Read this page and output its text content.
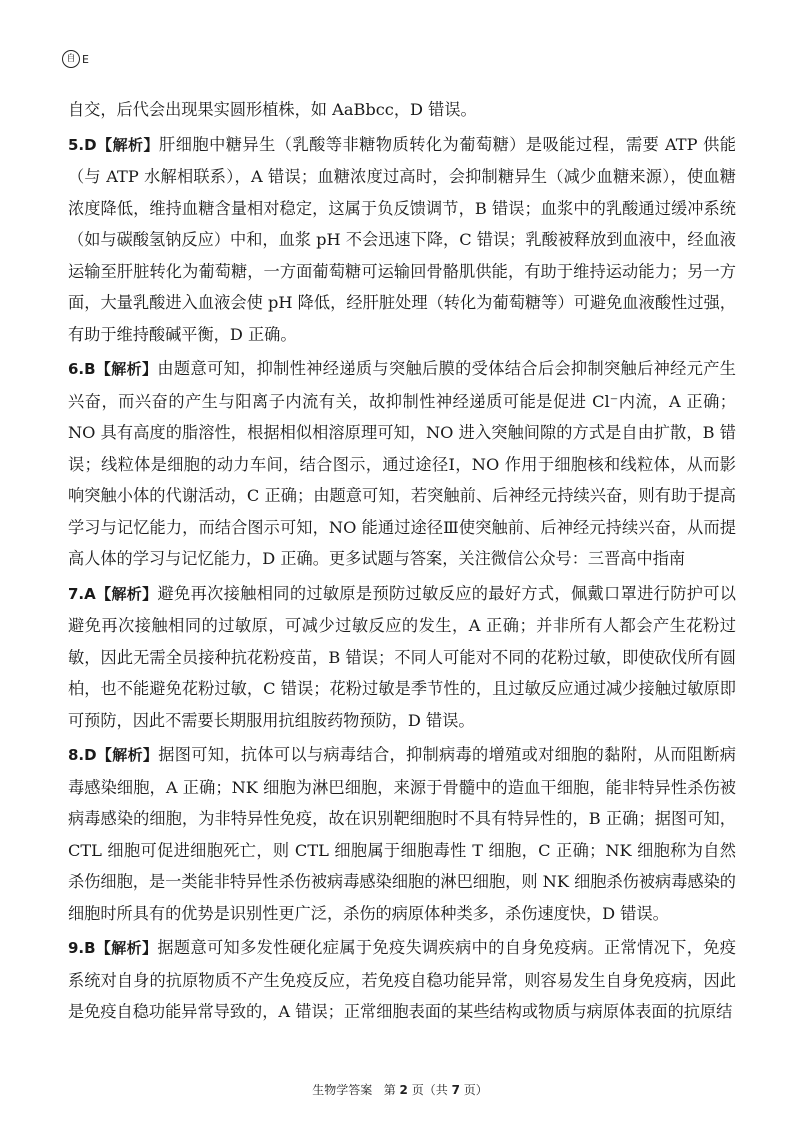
自 E

自交，后代会出现果实圆形植株，如 AaBbcc，D 错误。

5.D【解析】肝细胞中糖异生（乳酸等非糖物质转化为葡萄糖）是吸能过程，需要 ATP 供能（与 ATP 水解相联系），A 错误；血糖浓度过高时，会抑制糖异生（减少血糖来源），使血糖浓度降低，维持血糖含量相对稳定，这属于负反馈调节，B 错误；血浆中的乳酸通过缓冲系统（如与碳酸氢钠反应）中和，血浆 pH 不会迅速下降，C 错误；乳酸被释放到血液中，经血液运输至肝脏转化为葡萄糖，一方面葡萄糖可运输回骨骼肌供能，有助于维持运动能力；另一方面，大量乳酸进入血液会使 pH 降低，经肝脏处理（转化为葡萄糖等）可避免血液酸性过强，有助于维持酸碱平衡，D 正确。

6.B【解析】由题意可知，抑制性神经递质与突触后膜的受体结合后会抑制突触后神经元产生兴奋，而兴奋的产生与阳离子内流有关，故抑制性神经递质可能是促进 Cl⁻内流，A 正确；NO 具有高度的脂溶性，根据相似相溶原理可知，NO 进入突触间隙的方式是自由扩散，B 错误；线粒体是细胞的动力车间，结合图示，通过途径Ⅰ，NO 作用于细胞核和线粒体，从而影响突触小体的代谢活动，C 正确；由题意可知，若突触前、后神经元持续兴奋，则有助于提高学习与记忆能力，而结合图示可知，NO 能通过途径Ⅲ使突触前、后神经元持续兴奋，从而提高人体的学习与记忆能力，D 正确。更多试题与答案，关注微信公众号：三晋高中指南

7.A【解析】避免再次接触相同的过敏原是预防过敏反应的最好方式，佩戴口罩进行防护可以避免再次接触相同的过敏原，可减少过敏反应的发生，A 正确；并非所有人都会产生花粉过敏，因此无需全员接种抗花粉疫苗，B 错误；不同人可能对不同的花粉过敏，即使砍伐所有圆柏，也不能避免花粉过敏，C 错误；花粉过敏是季节性的，且过敏反应通过减少接触过敏原即可预防，因此不需要长期服用抗组胺药物预防，D 错误。

8.D【解析】据图可知，抗体可以与病毒结合，抑制病毒的增殖或对细胞的黏附，从而阻断病毒感染细胞，A 正确；NK 细胞为淋巴细胞，来源于骨髓中的造血干细胞，能非特异性杀伤被病毒感染的细胞，为非特异性免疫，故在识别靶细胞时不具有特异性的，B 正确；据图可知，CTL 细胞可促进细胞死亡，则 CTL 细胞属于细胞毒性 T 细胞，C 正确；NK 细胞称为自然杀伤细胞，是一类能非特异性杀伤被病毒感染细胞的淋巴细胞，则 NK 细胞杀伤被病毒感染的细胞时所具有的优势是识别性更广泛，杀伤的病原体种类多，杀伤速度快，D 错误。

9.B【解析】据题意可知多发性硬化症属于免疫失调疾病中的自身免疫病。正常情况下，免疫系统对自身的抗原物质不产生免疫反应，若免疫自稳功能异常，则容易发生自身免疫病，因此是免疫自稳功能异常导致的，A 错误；正常细胞表面的某些结构或物质与病原体表面的抗原结

生物学答案 第 2 页（共 7 页）
